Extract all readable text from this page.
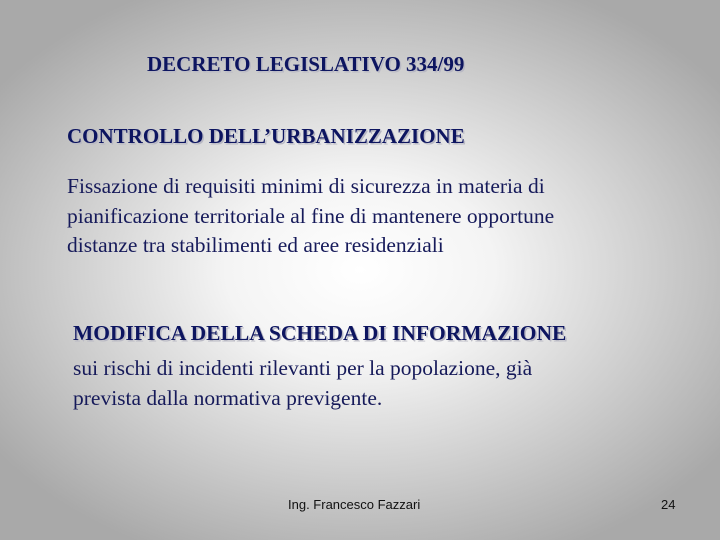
DECRETO LEGISLATIVO 334/99
CONTROLLO DELL’URBANIZZAZIONE
Fissazione di requisiti minimi di sicurezza in materia di
pianificazione territoriale al fine di mantenere opportune
distanze tra stabilimenti ed aree residenziali
MODIFICA DELLA SCHEDA DI INFORMAZIONE
sui rischi di incidenti rilevanti per la popolazione, già
prevista dalla normativa previgente.
Ing. Francesco Fazzari	24
